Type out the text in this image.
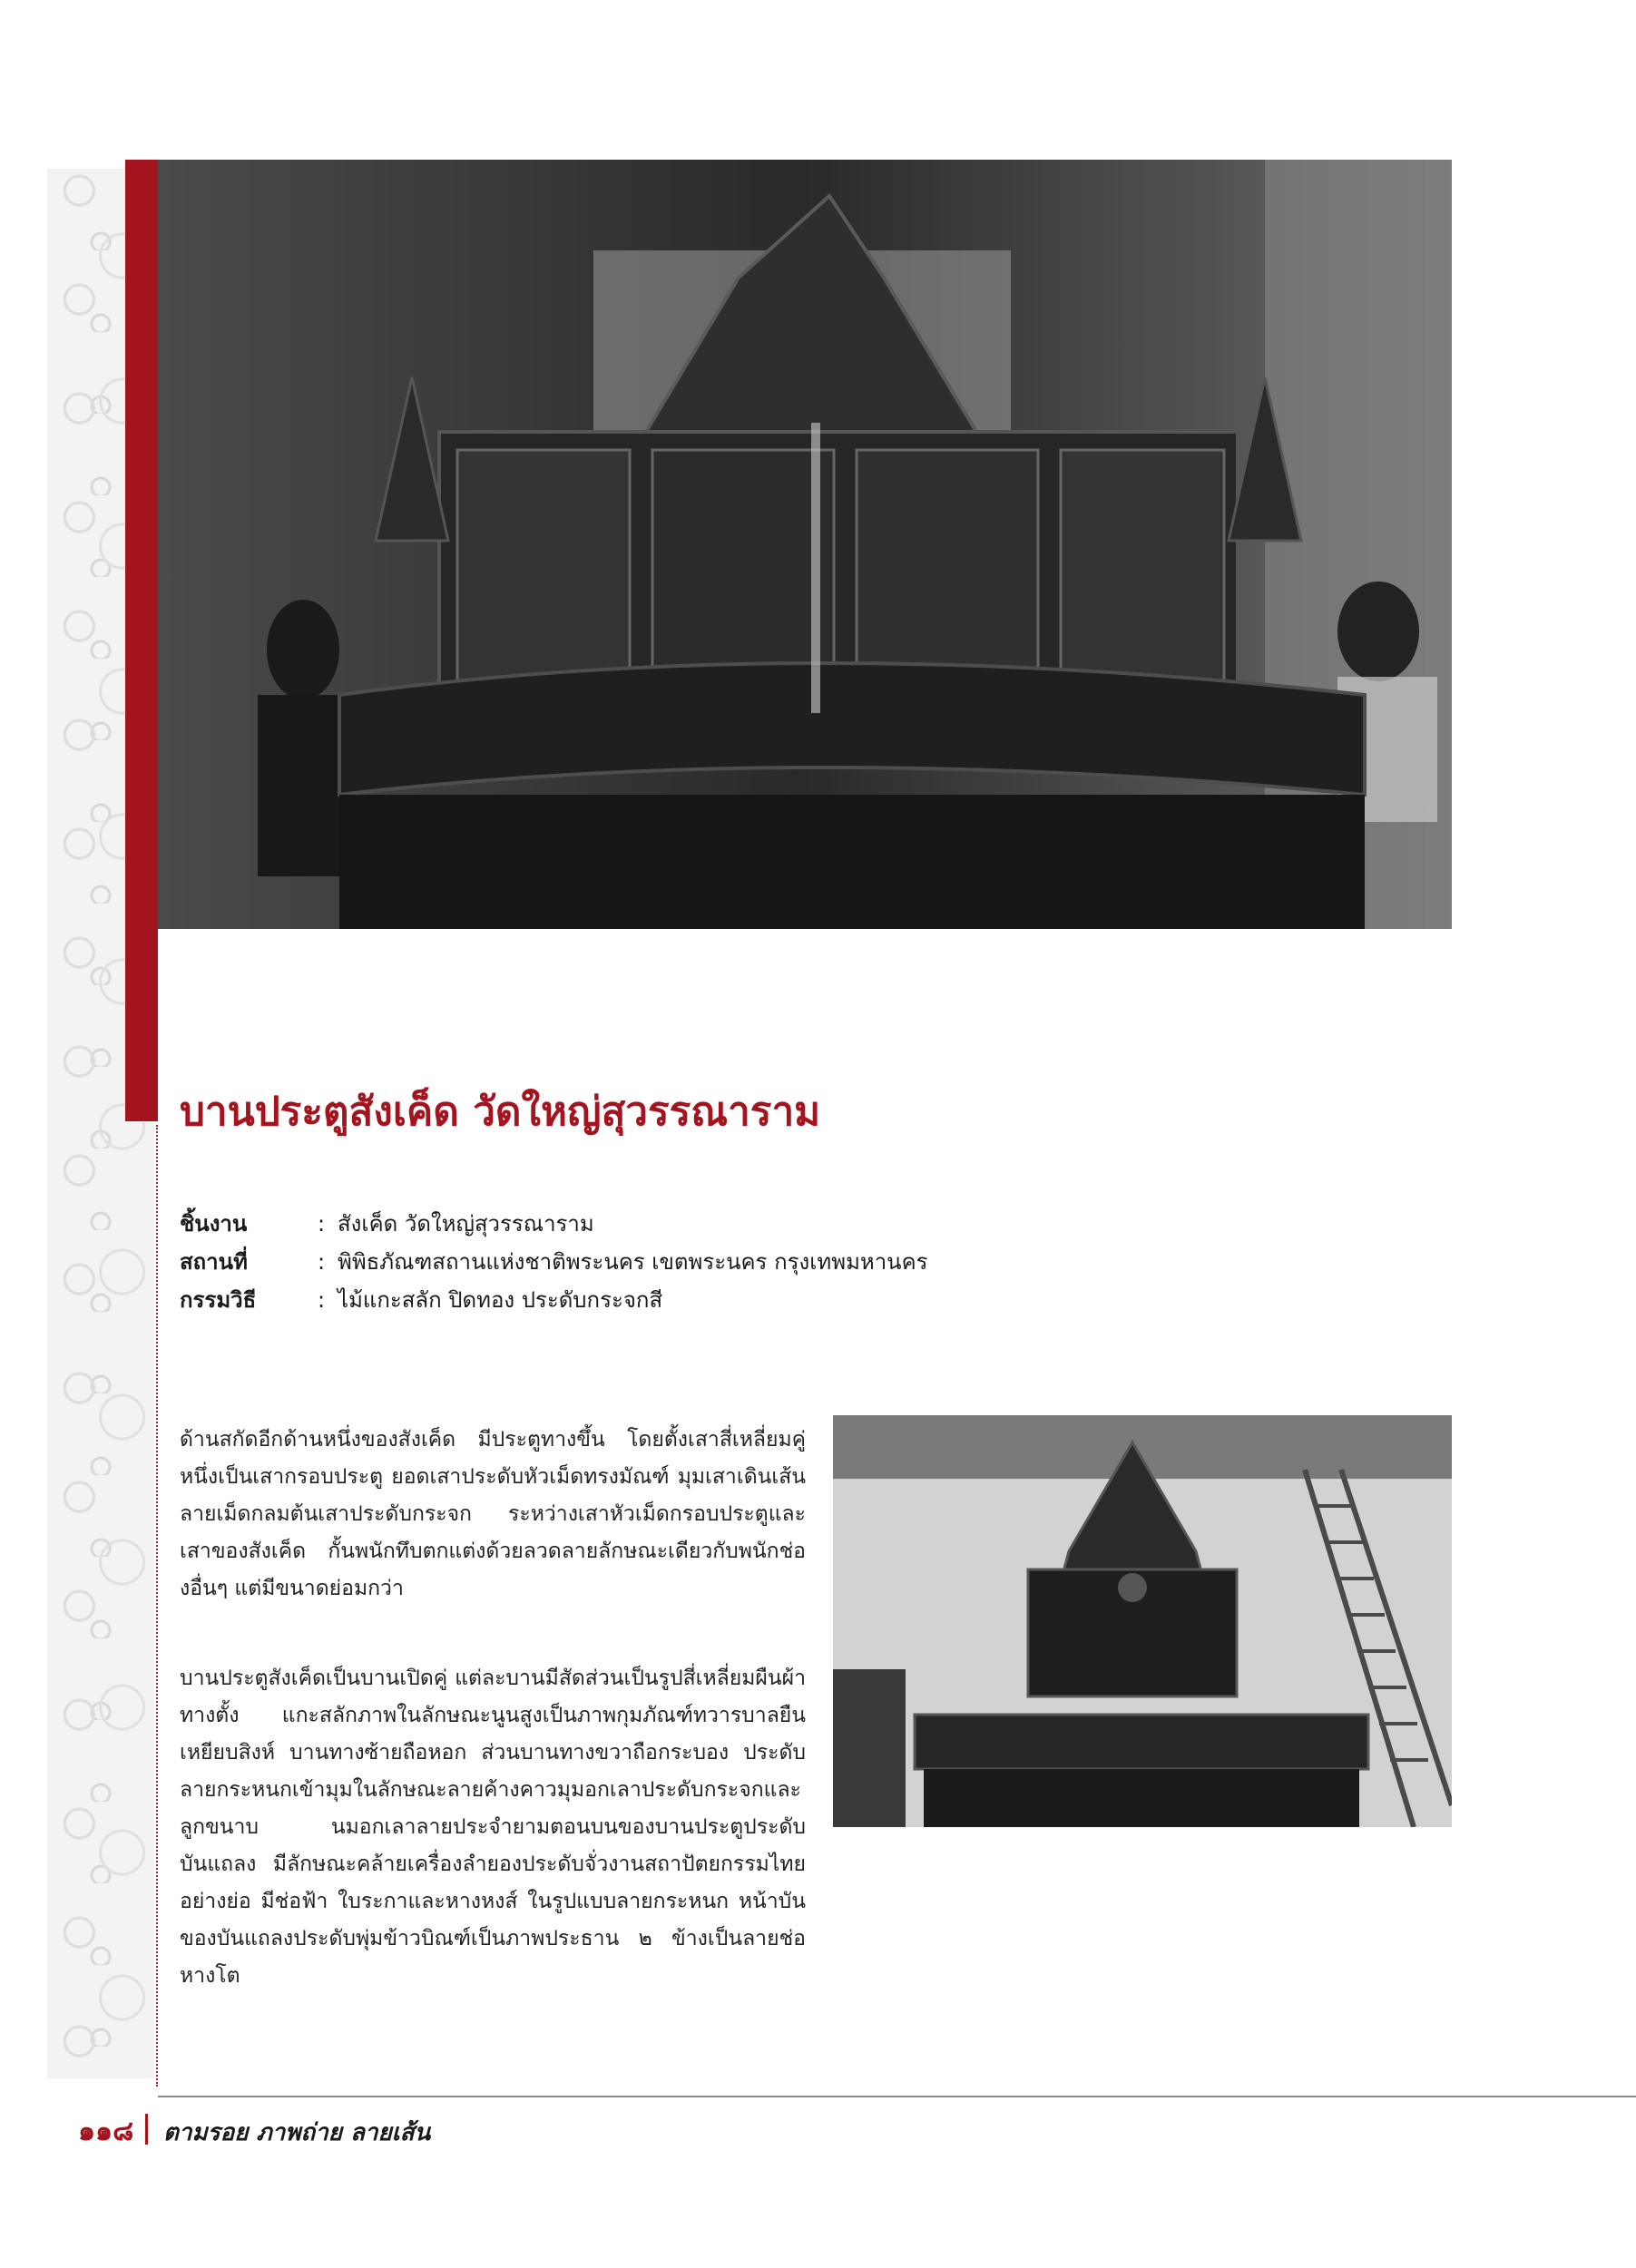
บานประตูสังเค็ด วัดใหญ่สุวรรณาราม
ชิ้นงาน	: สังเค็ด วัดใหญ่สุวรรณาราม
สถานที่	: พิพิธภัณฑสถานแห่งชาติพระนคร เขตพระนคร กรุงเทพมหานคร
กรรมวิธี	: ไม้แกะสลัก ปิดทอง ประดับกระจกสี

ด้านสกัดอีกด้านหนึ่งของสังเค็ด มีประตูทางขึ้น โดยตั้งเสาสี่เหลี่ยมคู่หนึ่งเป็นเสากรอบประตู ยอดเสาประดับหัวเม็ดทรงมัณฑ์ มุมเสาเดินเส้นลายเม็ดกลมต้นเสาประดับกระจก ระหว่างเสาหัวเม็ดกรอบประตูและเสาของสังเค็ด กั้นพนักทึบตกแต่งด้วยลวดลายลักษณะเดียวกับพนักช่องอื่นๆ แต่มีขนาดย่อมกว่า

บานประตูสังเค็ดเป็นบานเปิดคู่ แต่ละบานมีสัดส่วนเป็นรูปสี่เหลี่ยมผืนผ้าทางตั้ง แกะสลักภาพในลักษณะนูนสูงเป็นภาพกุมภัณฑ์ทวารบาลยืนเหยียบสิงห์ บานทางซ้ายถือหอก ส่วนบานทางขวาถือกระบอง ประดับลายกระหนกเข้ามุมในลักษณะลายค้างคาวมุมอกเลาประดับกระจกและลูกขนาบ นมอกเลาลายประจำยามตอนบนของบานประตูประดับบันแถลง มีลักษณะคล้ายเครื่องลำยองประดับจั่วงานสถาปัตยกรรมไทยอย่างย่อ มีช่อฟ้า ใบระกาและหางหงส์ ในรูปแบบลายกระหนก หน้าบันของบันแถลงประดับพุ่มข้าวบิณฑ์เป็นภาพประธาน ๒ ข้างเป็นลายช่อหางโต

๑๑๘ ตามรอย ภาพถ่าย ลายเส้น
